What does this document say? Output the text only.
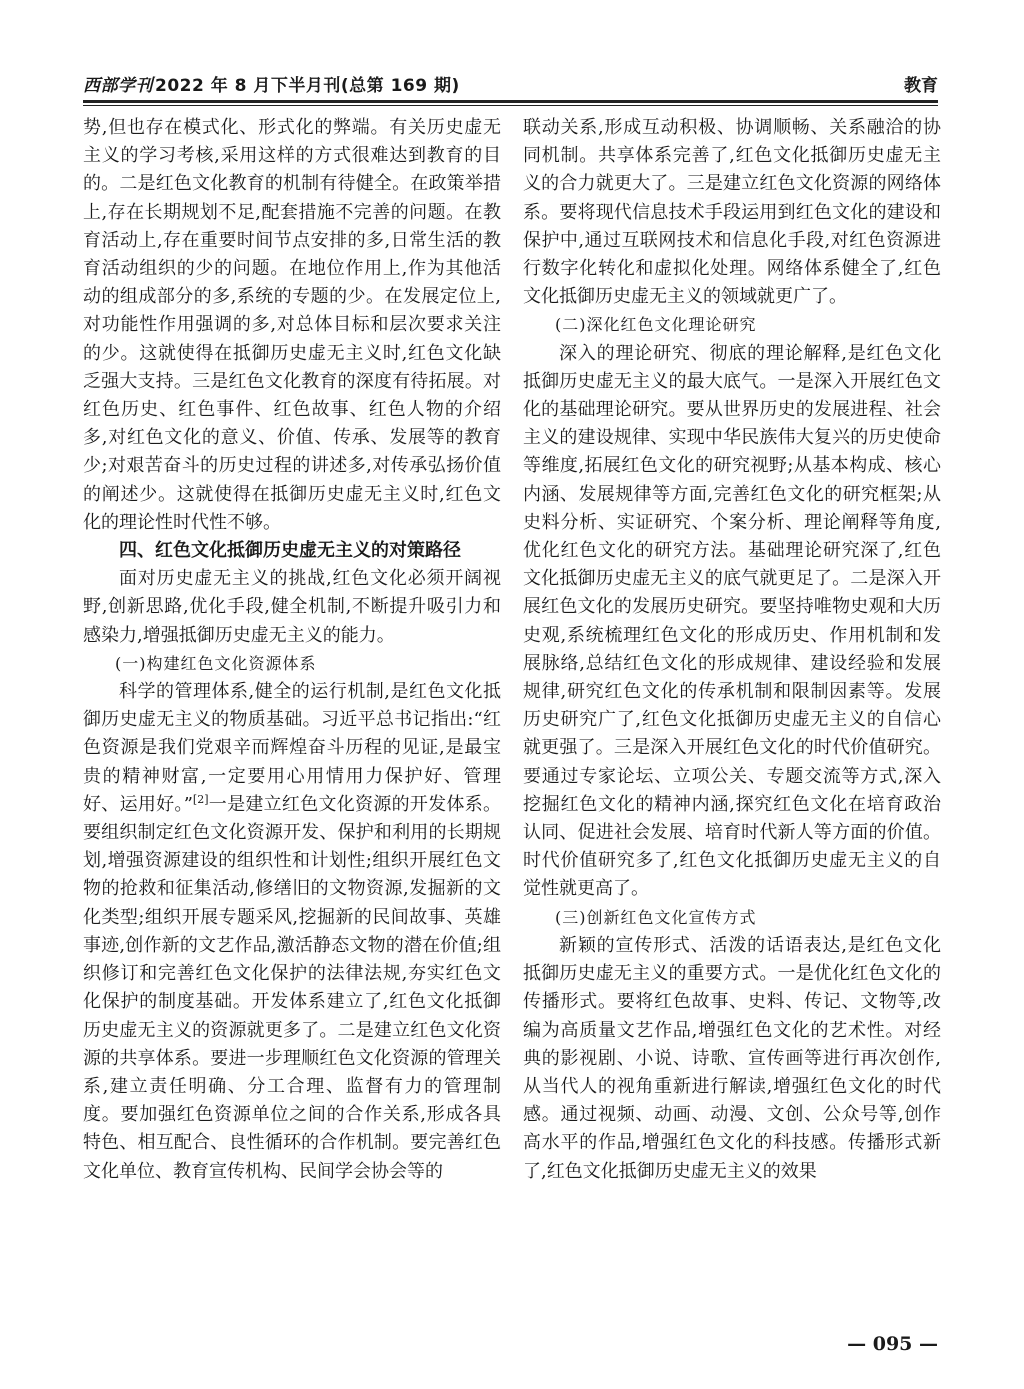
西部学刊 2022 年 8 月下半月刊(总第 169 期)	教育

势,但也存在模式化、形式化的弊端。有关历史虚无主义的学习考核,采用这样的方式很难达到教育的目的。二是红色文化教育的机制有待健全。在政策举措上,存在长期规划不足,配套措施不完善的问题。在教育活动上,存在重要时间节点安排的多,日常生活的教育活动组织的少的问题。在地位作用上,作为其他活动的组成部分的多,系统的专题的少。在发展定位上,对功能性作用强调的多,对总体目标和层次要求关注的少。这就使得在抵御历史虚无主义时,红色文化缺乏强大支持。三是红色文化教育的深度有待拓展。对红色历史、红色事件、红色故事、红色人物的介绍多,对红色文化的意义、价值、传承、发展等的教育少;对艰苦奋斗的历史过程的讲述多,对传承弘扬价值的阐述少。这就使得在抵御历史虚无主义时,红色文化的理论性时代性不够。

四、红色文化抵御历史虚无主义的对策路径

面对历史虚无主义的挑战,红色文化必须开阔视野,创新思路,优化手段,健全机制,不断提升吸引力和感染力,增强抵御历史虚无主义的能力。

(一)构建红色文化资源体系

科学的管理体系,健全的运行机制,是红色文化抵御历史虚无主义的物质基础。习近平总书记指出:“红色资源是我们党艰辛而辉煌奋斗历程的见证,是最宝贵的精神财富,一定要用心用情用力保护好、管理好、运用好。”[2]一是建立红色文化资源的开发体系。要组织制定红色文化资源开发、保护和利用的长期规划,增强资源建设的组织性和计划性;组织开展红色文物的抢救和征集活动,修缮旧的文物资源,发掘新的文化类型;组织开展专题采风,挖掘新的民间故事、英雄事迹,创作新的文艺作品,激活静态文物的潜在价值;组织修订和完善红色文化保护的法律法规,夯实红色文化保护的制度基础。开发体系建立了,红色文化抵御历史虚无主义的资源就更多了。二是建立红色文化资源的共享体系。要进一步理顺红色文化资源的管理关系,建立责任明确、分工合理、监督有力的管理制度。要加强红色资源单位之间的合作关系,形成各具特色、相互配合、良性循环的合作机制。要完善红色文化单位、教育宣传机构、民间学会协会等的

联动关系,形成互动积极、协调顺畅、关系融洽的协同机制。共享体系完善了,红色文化抵御历史虚无主义的合力就更大了。三是建立红色文化资源的网络体系。要将现代信息技术手段运用到红色文化的建设和保护中,通过互联网技术和信息化手段,对红色资源进行数字化转化和虚拟化处理。网络体系健全了,红色文化抵御历史虚无主义的领域就更广了。

(二)深化红色文化理论研究

深入的理论研究、彻底的理论解释,是红色文化抵御历史虚无主义的最大底气。一是深入开展红色文化的基础理论研究。要从世界历史的发展进程、社会主义的建设规律、实现中华民族伟大复兴的历史使命等维度,拓展红色文化的研究视野;从基本构成、核心内涵、发展规律等方面,完善红色文化的研究框架;从史料分析、实证研究、个案分析、理论阐释等角度,优化红色文化的研究方法。基础理论研究深了,红色文化抵御历史虚无主义的底气就更足了。二是深入开展红色文化的发展历史研究。要坚持唯物史观和大历史观,系统梳理红色文化的形成历史、作用机制和发展脉络,总结红色文化的形成规律、建设经验和发展规律,研究红色文化的传承机制和限制因素等。发展历史研究广了,红色文化抵御历史虚无主义的自信心就更强了。三是深入开展红色文化的时代价值研究。要通过专家论坛、立项公关、专题交流等方式,深入挖掘红色文化的精神内涵,探究红色文化在培育政治认同、促进社会发展、培育时代新人等方面的价值。时代价值研究多了,红色文化抵御历史虚无主义的自觉性就更高了。

(三)创新红色文化宣传方式

新颖的宣传形式、活泼的话语表达,是红色文化抵御历史虚无主义的重要方式。一是优化红色文化的传播形式。要将红色故事、史料、传记、文物等,改编为高质量文艺作品,增强红色文化的艺术性。对经典的影视剧、小说、诗歌、宣传画等进行再次创作,从当代人的视角重新进行解读,增强红色文化的时代感。通过视频、动画、动漫、文创、公众号等,创作高水平的作品,增强红色文化的科技感。传播形式新了,红色文化抵御历史虚无主义的效果

— 095 —
